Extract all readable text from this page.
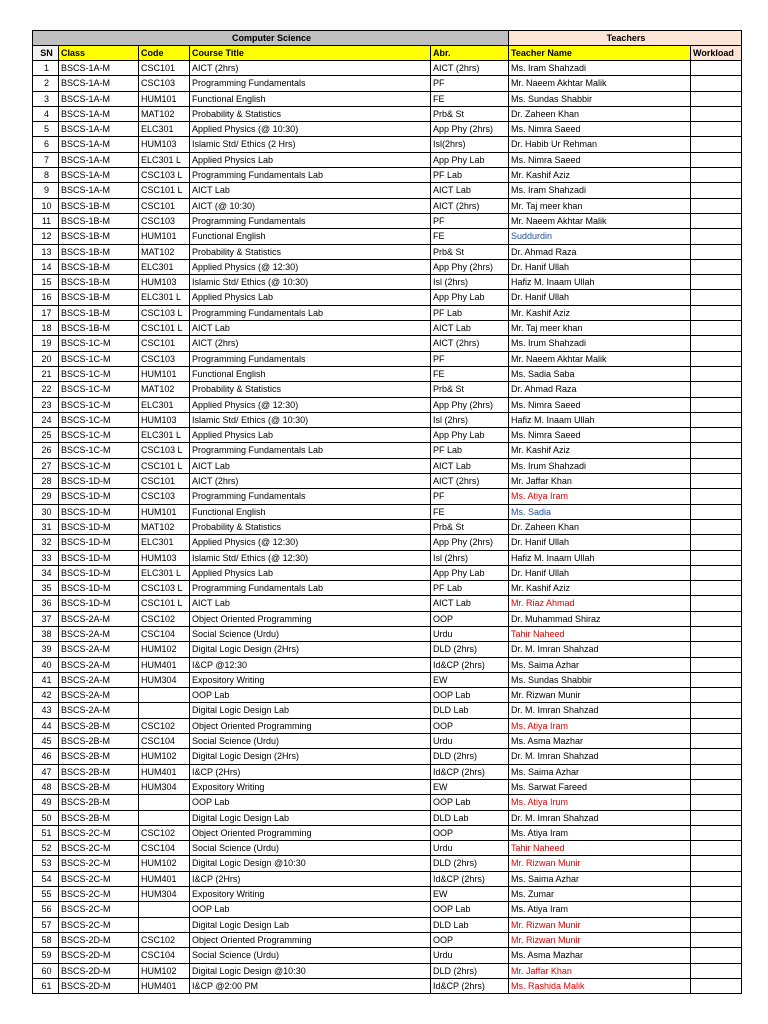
Computer Science					Teachers	
SN	Class	Code	Course Title	Abr.	Teacher Name	Workload
1	BSCS-1A-M	CSC101	AICT (2hrs)	AICT (2hrs)	Ms. Iram Shahzadi	
2	BSCS-1A-M	CSC103	Programming Fundamentals	PF	Mr. Naeem Akhtar Malik	
3	BSCS-1A-M	HUM101	Functional English	FE	Ms. Sundas Shabbir	
4	BSCS-1A-M	MAT102	Probability & Statistics	Prb& St	Dr. Zaheen Khan	
5	BSCS-1A-M	ELC301	Applied Physics (@ 10:30)	App Phy (2hrs)	Ms. Nimra Saeed	
6	BSCS-1A-M	HUM103	Islamic Std/ Ethics (2 Hrs)	Isl(2hrs)	Dr. Habib Ur Rehman	
7	BSCS-1A-M	ELC301 L	Applied Physics Lab	App Phy Lab	Ms. Nimra Saeed	
8	BSCS-1A-M	CSC103 L	Programming Fundamentals Lab	PF Lab	Mr. Kashif Aziz	
9	BSCS-1A-M	CSC101 L	AICT Lab	AICT Lab	Ms. Iram Shahzadi	
10	BSCS-1B-M	CSC101	AICT (@ 10:30)	AICT (2hrs)	Mr. Taj meer khan	
11	BSCS-1B-M	CSC103	Programming Fundamentals	PF	Mr. Naeem Akhtar Malik	
12	BSCS-1B-M	HUM101	Functional English	FE	Suddurdin	
13	BSCS-1B-M	MAT102	Probability & Statistics	Prb& St	Dr. Ahmad Raza	
14	BSCS-1B-M	ELC301	Applied Physics (@ 12:30)	App Phy (2hrs)	Dr. Hanif Ullah	
15	BSCS-1B-M	HUM103	Islamic Std/ Ethics (@ 10:30)	Isl (2hrs)	Hafiz M. Inaam Ullah	
16	BSCS-1B-M	ELC301 L	Applied Physics Lab	App Phy Lab	Dr. Hanif Ullah	
17	BSCS-1B-M	CSC103 L	Programming Fundamentals Lab	PF Lab	Mr. Kashif Aziz	
18	BSCS-1B-M	CSC101 L	AICT Lab	AICT Lab	Mr. Taj meer khan	
19	BSCS-1C-M	CSC101	AICT (2hrs)	AICT (2hrs)	Ms. Irum Shahzadi	
20	BSCS-1C-M	CSC103	Programming Fundamentals	PF	Mr. Naeem Akhtar Malik	
21	BSCS-1C-M	HUM101	Functional English	FE	Ms. Sadia Saba	
22	BSCS-1C-M	MAT102	Probability & Statistics	Prb& St	Dr. Ahmad Raza	
23	BSCS-1C-M	ELC301	Applied Physics (@ 12:30)	App Phy (2hrs)	Ms. Nimra Saeed	
24	BSCS-1C-M	HUM103	Islamic Std/ Ethics (@ 10:30)	Isl (2hrs)	Hafiz M. Inaam Ullah	
25	BSCS-1C-M	ELC301 L	Applied Physics Lab	App Phy Lab	Ms. Nimra Saeed	
26	BSCS-1C-M	CSC103 L	Programming Fundamentals Lab	PF Lab	Mr. Kashif Aziz	
27	BSCS-1C-M	CSC101 L	AICT Lab	AICT Lab	Ms. Irum Shahzadi	
28	BSCS-1D-M	CSC101	AICT (2hrs)	AICT (2hrs)	Mr. Jaffar Khan	
29	BSCS-1D-M	CSC103	Programming Fundamentals	PF	Ms. Atiya Iram	
30	BSCS-1D-M	HUM101	Functional English	FE	Ms. Sadia	
31	BSCS-1D-M	MAT102	Probability & Statistics	Prb& St	Dr. Zaheen Khan	
32	BSCS-1D-M	ELC301	Applied Physics (@ 12:30)	App Phy (2hrs)	Dr. Hanif Ullah	
33	BSCS-1D-M	HUM103	Islamic Std/ Ethics (@ 12:30)	Isl (2hrs)	Hafiz M. Inaam Ullah	
34	BSCS-1D-M	ELC301 L	Applied Physics Lab	App Phy Lab	Dr. Hanif Ullah	
35	BSCS-1D-M	CSC103 L	Programming Fundamentals Lab	PF Lab	Mr. Kashif Aziz	
36	BSCS-1D-M	CSC101 L	AICT Lab	AICT Lab	Mr. Riaz Ahmad	
37	BSCS-2A-M	CSC102	Object Oriented Programming	OOP	Dr. Muhammad Shiraz	
38	BSCS-2A-M	CSC104	Social Science (Urdu)	Urdu	Tahir Naheed	
39	BSCS-2A-M	HUM102	Digital Logic Design (2Hrs)	DLD (2hrs)	Dr. M. Imran Shahzad	
40	BSCS-2A-M	HUM401	I&CP @12:30	Id&CP (2hrs)	Ms. Saima Azhar	
41	BSCS-2A-M	HUM304	Expository Writing	EW	Ms. Sundas Shabbir	
42	BSCS-2A-M		OOP Lab	OOP Lab	Mr. Rizwan Munir	
43	BSCS-2A-M		Digital Logic Design Lab	DLD Lab	Dr. M. Imran Shahzad	
44	BSCS-2B-M	CSC102	Object Oriented Programming	OOP	Ms. Atiya Iram	
45	BSCS-2B-M	CSC104	Social Science (Urdu)	Urdu	Ms. Asma Mazhar	
46	BSCS-2B-M	HUM102	Digital Logic Design (2Hrs)	DLD (2hrs)	Dr. M. Imran Shahzad	
47	BSCS-2B-M	HUM401	I&CP (2Hrs)	Id&CP (2hrs)	Ms. Saima Azhar	
48	BSCS-2B-M	HUM304	Expository Writing	EW	Ms. Sarwat Fareed	
49	BSCS-2B-M		OOP Lab	OOP Lab	Ms. Atiya Irum	
50	BSCS-2B-M		Digital Logic Design Lab	DLD Lab	Dr. M. Imran Shahzad	
51	BSCS-2C-M	CSC102	Object Oriented Programming	OOP	Ms. Atiya Iram	
52	BSCS-2C-M	CSC104	Social Science (Urdu)	Urdu	Tahir Naheed	
53	BSCS-2C-M	HUM102	Digital Logic Design @10:30	DLD (2hrs)	Mr. Rizwan Munir	
54	BSCS-2C-M	HUM401	I&CP (2Hrs)	Id&CP (2hrs)	Ms. Saima Azhar	
55	BSCS-2C-M	HUM304	Expository Writing	EW	Ms. Zumar	
56	BSCS-2C-M		OOP Lab	OOP Lab	Ms. Atiya Iram	
57	BSCS-2C-M		Digital Logic Design Lab	DLD Lab	Mr. Rizwan Munir	
58	BSCS-2D-M	CSC102	Object Oriented Programming	OOP	Mr. Rizwan Munir	
59	BSCS-2D-M	CSC104	Social Science (Urdu)	Urdu	Ms. Asma Mazhar	
60	BSCS-2D-M	HUM102	Digital Logic Design @10:30	DLD (2hrs)	Mr. Jaffar Khan	
61	BSCS-2D-M	HUM401	I&CP @2:00 PM	Id&CP (2hrs)	Ms. Rashida Malik	
